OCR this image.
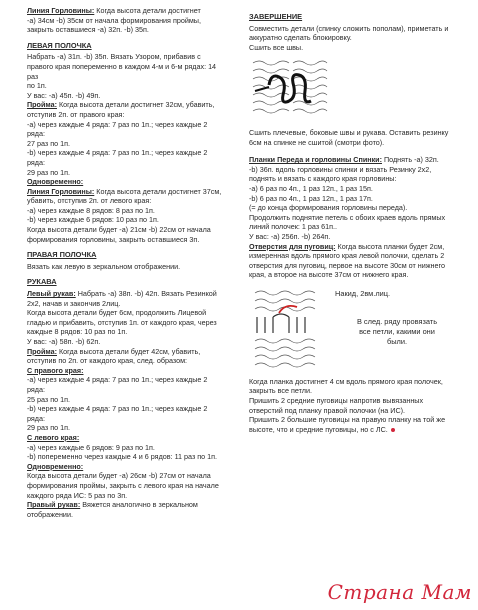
Линия Горловины: Когда высота детали достигнет

-а) 34см -b) 35см от начала формирования проймы,

закрыть оставшиеся -а) 32п. -b) 35п.

ЛЕВАЯ ПОЛОЧКА

Набрать -а) 31п. -b) 35п. Вязать Узором, прибавив с

правого края попеременно в каждом 4-м и 6-м рядах: 14 раз

по 1п.

У вас: -а) 45п. -b) 49п.

Пройма: Когда высота детали достигнет 32см, убавить,

отступив 2п. от правого края:

-а) через каждые 4 ряда: 7 раз по 1п.; через каждые 2 ряда:

27 раз по 1п.

-b) через каждые 4 ряда: 7 раз по 1п.; через каждые 2 ряда:

29 раз по 1п.

Одновременно:

Линия Горловины: Когда высота детали достигнет 37см,

убавить, отступив 2п. от левого края:

-а) через каждые 8 рядов: 8 раз по 1п.

-b) через каждые 6 рядов: 10 раз по 1п.

Когда высота детали будет -а) 21см -b) 22см от начала

формирования горловины, закрыть оставшиеся 3п.

ПРАВАЯ ПОЛОЧКА

Вязать как левую в зеркальном отображении.

РУКАВА

Левый рукав: Набрать -а) 38п. -b) 42п. Вязать Резинкой

2х2, начав и закончив 2лиц.

Когда высота детали будет 6см, продолжить Лицевой

гладью и прибавить, отступив 1п. от каждого края, через

каждые 8 рядов: 10 раз по 1п.

У вас: -а) 58п. -b) 62п.

Пройма: Когда высота детали будет 42см, убавить,

отступив по 2п. от каждого края, след. образом:

С правого края:

-а) через каждые 4 ряда: 7 раз по 1п.; через каждые 2 ряда:

25 раз по 1п.

-b) через каждые 4 ряда: 7 раз по 1п.; через каждые 2 ряда:

29 раз по 1п.

С левого края:

-а) через каждые 6 рядов: 9 раз по 1п.

-b) попеременно через каждые 4 и 6 рядов: 11 раз по 1п.

Одновременно:

Когда высота детали будет -а) 26см -b) 27см от начала

формирования проймы, закрыть с левого края на начале

каждого ряда ИС: 5 раз по 3п.

Правый рукав: Вяжется аналогично в зеркальном

отображении.

ЗАВЕРШЕНИЕ

Совместить детали (спинку сложить пополам), приметать и

аккуратно сделать блокировку.

Сшить все швы.

Сшить плечевые, боковые швы и рукава. Оставить резинку

6см на спинке не сшитой (смотри фото).

Планки Переда и горловины Спинки: Поднять -а) 32п.

-b) 36п. вдоль горловины спинки и вязать Резинку 2х2,

поднять и вязать с каждого края горловины:

-а) 6 раз по 4п., 1 раз 12п., 1 раз 15п.

-b) 6 раз по 4п., 1 раз 12п., 1 раз 17п.

(= до конца формирования горловины переда).

Продолжить поднятие петель с обоих краев вдоль прямых

линий полочек: 1 раз 61п..

У вас: -а) 256п. -b) 264п.

Отверстия для пуговиц: Когда высота планки будет 2см,

измеренная вдоль прямого края левой полочки, сделать 2

отверстия для пуговиц, первое на высоте 30см от нижнего

края, а второе на высоте 37см от нижнего края.

Накид, 2вм.лиц.
В след. ряду провязать
все петли, какими они
были.

Когда планка достигнет 4 см вдоль прямого края полочек,

закрыть все петли.

Пришить 2 средние пуговицы напротив вывязанных

отверстий под планку правой полочки (на ИС).

Пришить 2 большие пуговицы на правую планку на той же

высоте, что и средние пуговицы, но с ЛС.

Страна Мам
